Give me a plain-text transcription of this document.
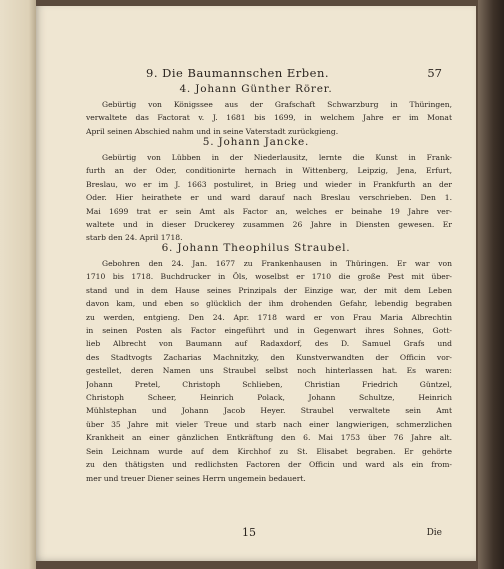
9. Die Baumannschen Erben.	57
4. Johann Günther Rörer.
Gebürtig von Königssee aus der Grafschaft Schwarzburg in Thüringen,
verwaltete das Factorat v. J. 1681 bis 1699, in welchem Jahre er im Monat
April seinen Abschied nahm und in seine Vaterstadt zurückgieng.
5. Johann Jancke.
Gebürtig von Lübben in der Niederlausitz, lernte die Kunst in Frank-
furth an der Oder, conditionirte hernach in Wittenberg, Leipzig, Jena, Erfurt,
Breslau, wo er im J. 1663 postuliret, in Brieg und wieder in Frankfurth an der
Oder. Hier heirathete er und ward darauf nach Breslau verschrieben. Den 1.
Mai 1699 trat er sein Amt als Factor an, welches er beinahe 19 Jahre ver-
waltete und in dieser Druckerey zusammen 26 Jahre in Diensten gewesen. Er
starb den 24. April 1718.
6. Johann Theophilus Straubel.
Gebohren den 24. Jan. 1677 zu Frankenhausen in Thüringen. Er war von
1710 bis 1718. Buchdrucker in Öls, woselbst er 1710 die große Pest mit über-
stand und in dem Hause seines Prinzipals der Einzige war, der mit dem Leben
davon kam, und eben so glücklich der ihm drohenden Gefahr, lebendig begraben
zu werden, entgieng. Den 24. Apr. 1718 ward er von Frau Maria Albrechtin
in seinen Posten als Factor eingeführt und in Gegenwart ihres Sohnes, Gott-
lieb Albrecht von Baumann auf Radaxdorf, des D. Samuel Grafs und
des Stadtvogts Zacharias Machnitzky, den Kunstverwandten der Officin vor-
gestellet, deren Namen uns Straubel selbst noch hinterlassen hat. Es waren:
Johann Pretel, Christoph Schlieben, Christian Friedrich Güntzel,
Christoph Scheer, Heinrich Polack, Johann Schultze, Heinrich
Mühlstephan und Johann Jacob Heyer. Straubel verwaltete sein Amt
über 35 Jahre mit vieler Treue und starb nach einer langwierigen, schmerzlichen
Krankheit an einer gänzlichen Entkräftung den 6. Mai 1753 über 76 Jahre alt.
Sein Leichnam wurde auf dem Kirchhof zu St. Elisabet begraben. Er gehörte
zu den thätigsten und redlichsten Factoren der Officin und ward als ein from-
mer und treuer Diener seines Herrn ungemein bedauert.
15	Die
